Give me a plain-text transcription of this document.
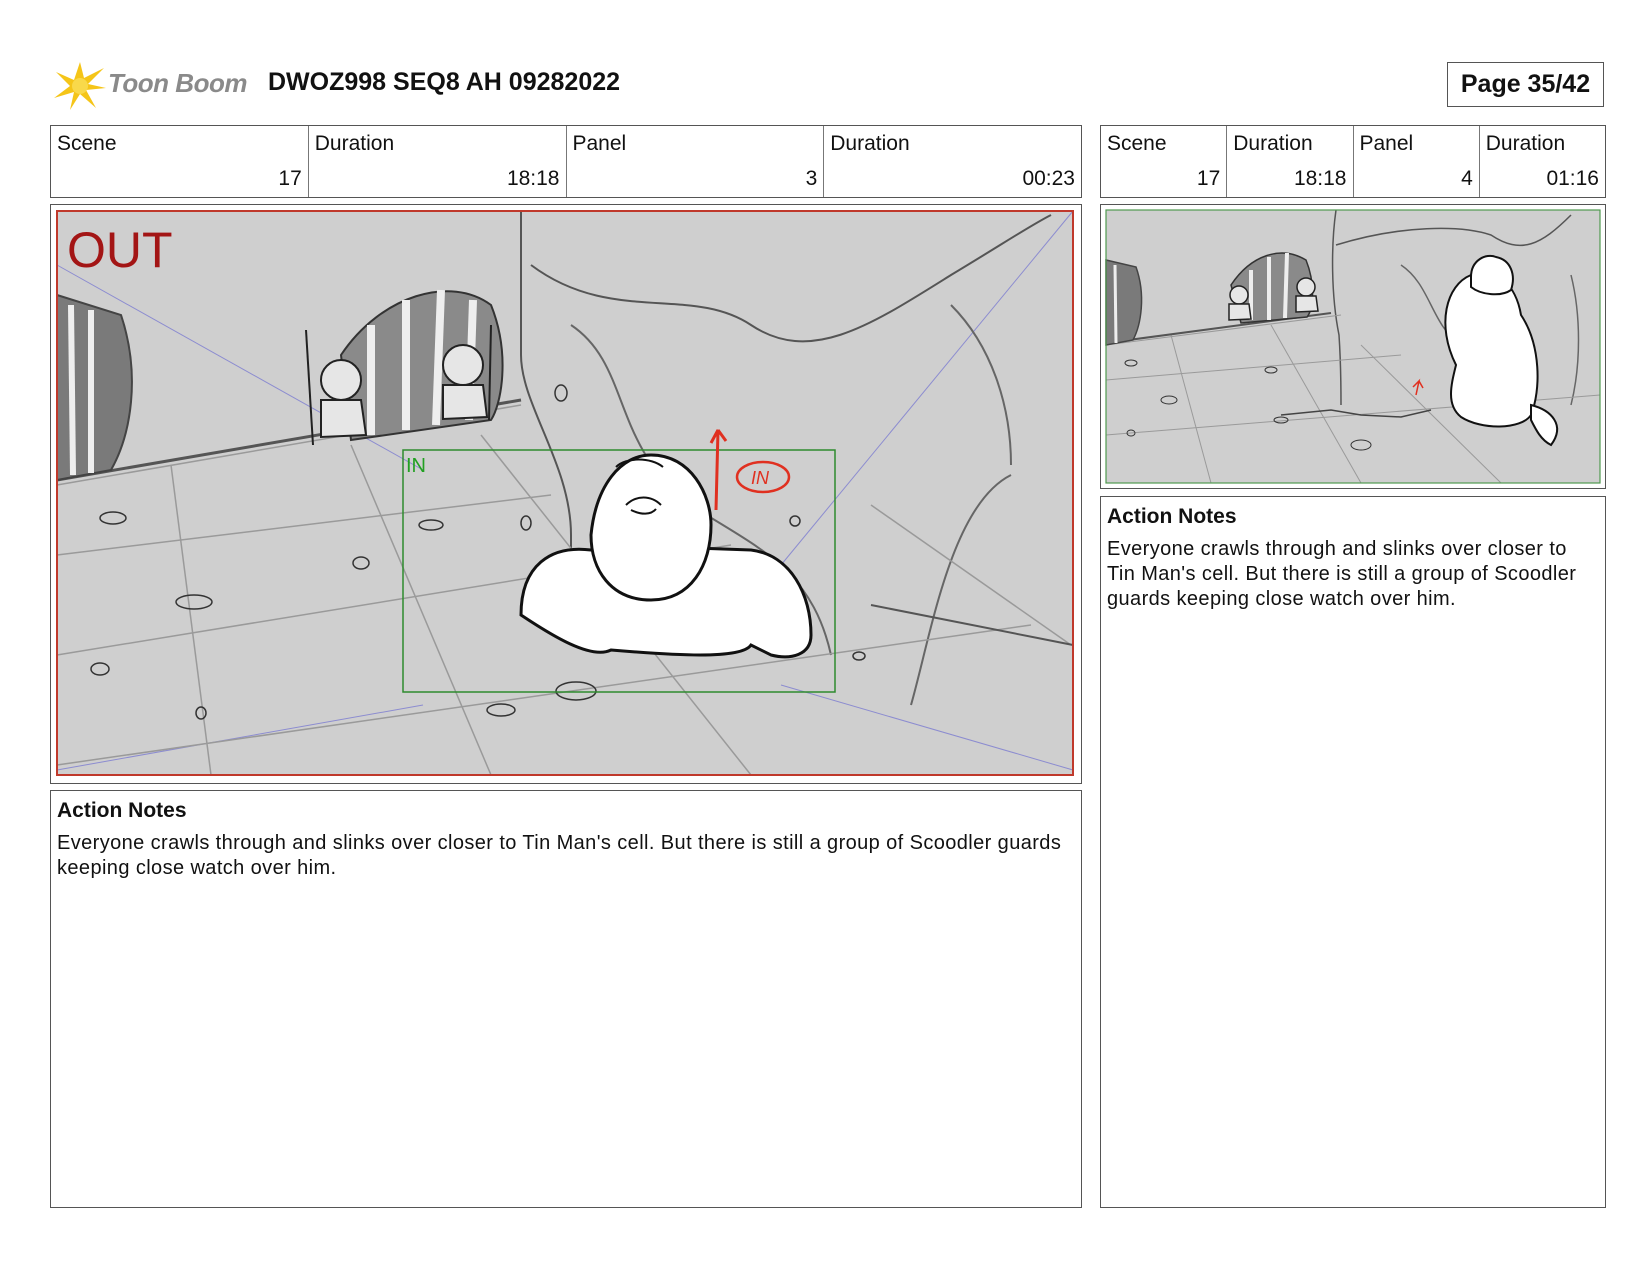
Toon Boom DWOZ998 SEQ8 AH 09282022	Page 35/42
Scene
17
Duration
18:18
Panel
3
Duration
00:23
Scene
17
Duration
18:18
Panel
4
Duration
01:16
OUT
IN
IN
Action Notes
Everyone crawls through and slinks over closer to Tin Man's cell. But there is still a group of Scoodler guards keeping close watch over him.
Action Notes
Everyone crawls through and slinks over closer to Tin Man's cell. But there is still a group of Scoodler guards keeping close watch over him.
